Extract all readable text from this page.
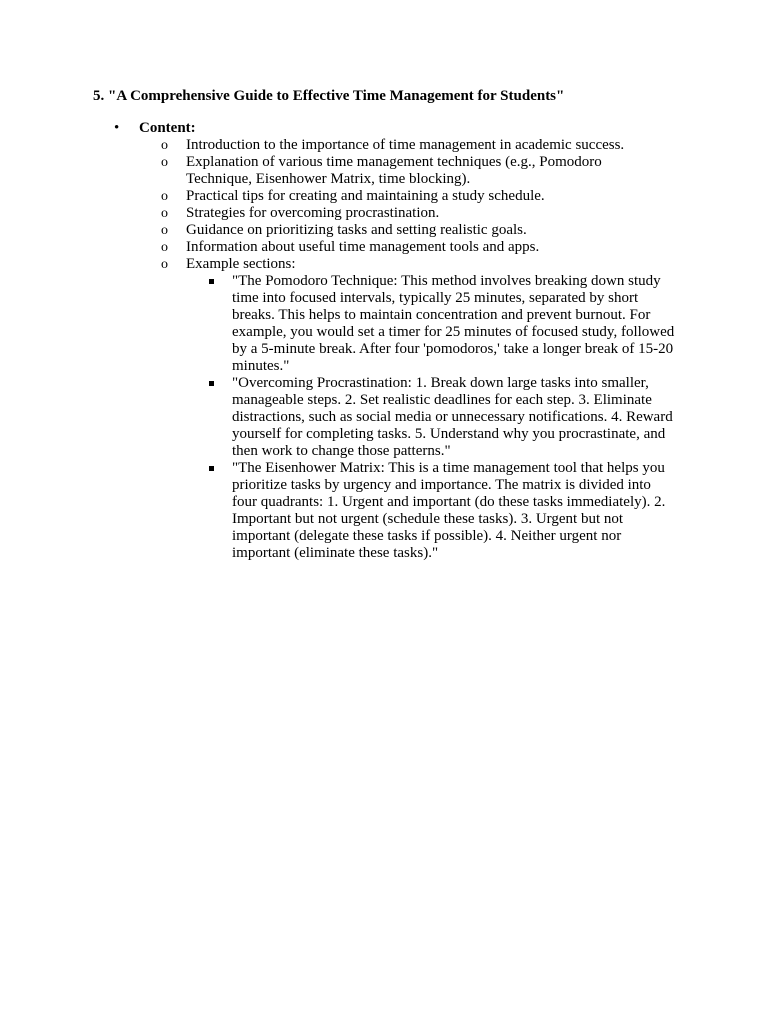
5. "A Comprehensive Guide to Effective Time Management for Students"
• Content:
o Introduction to the importance of time management in academic success.
o Explanation of various time management techniques (e.g., Pomodoro Technique, Eisenhower Matrix, time blocking).
o Practical tips for creating and maintaining a study schedule.
o Strategies for overcoming procrastination.
o Guidance on prioritizing tasks and setting realistic goals.
o Information about useful time management tools and apps.
o Example sections:
"The Pomodoro Technique: This method involves breaking down study time into focused intervals, typically 25 minutes, separated by short breaks. This helps to maintain concentration and prevent burnout. For example, you would set a timer for 25 minutes of focused study, followed by a 5-minute break. After four 'pomodoros,' take a longer break of 15-20 minutes."
"Overcoming Procrastination: 1. Break down large tasks into smaller, manageable steps. 2. Set realistic deadlines for each step. 3. Eliminate distractions, such as social media or unnecessary notifications. 4. Reward yourself for completing tasks. 5. Understand why you procrastinate, and then work to change those patterns."
"The Eisenhower Matrix: This is a time management tool that helps you prioritize tasks by urgency and importance. The matrix is divided into four quadrants: 1. Urgent and important (do these tasks immediately). 2. Important but not urgent (schedule these tasks). 3. Urgent but not important (delegate these tasks if possible). 4. Neither urgent nor important (eliminate these tasks)."
